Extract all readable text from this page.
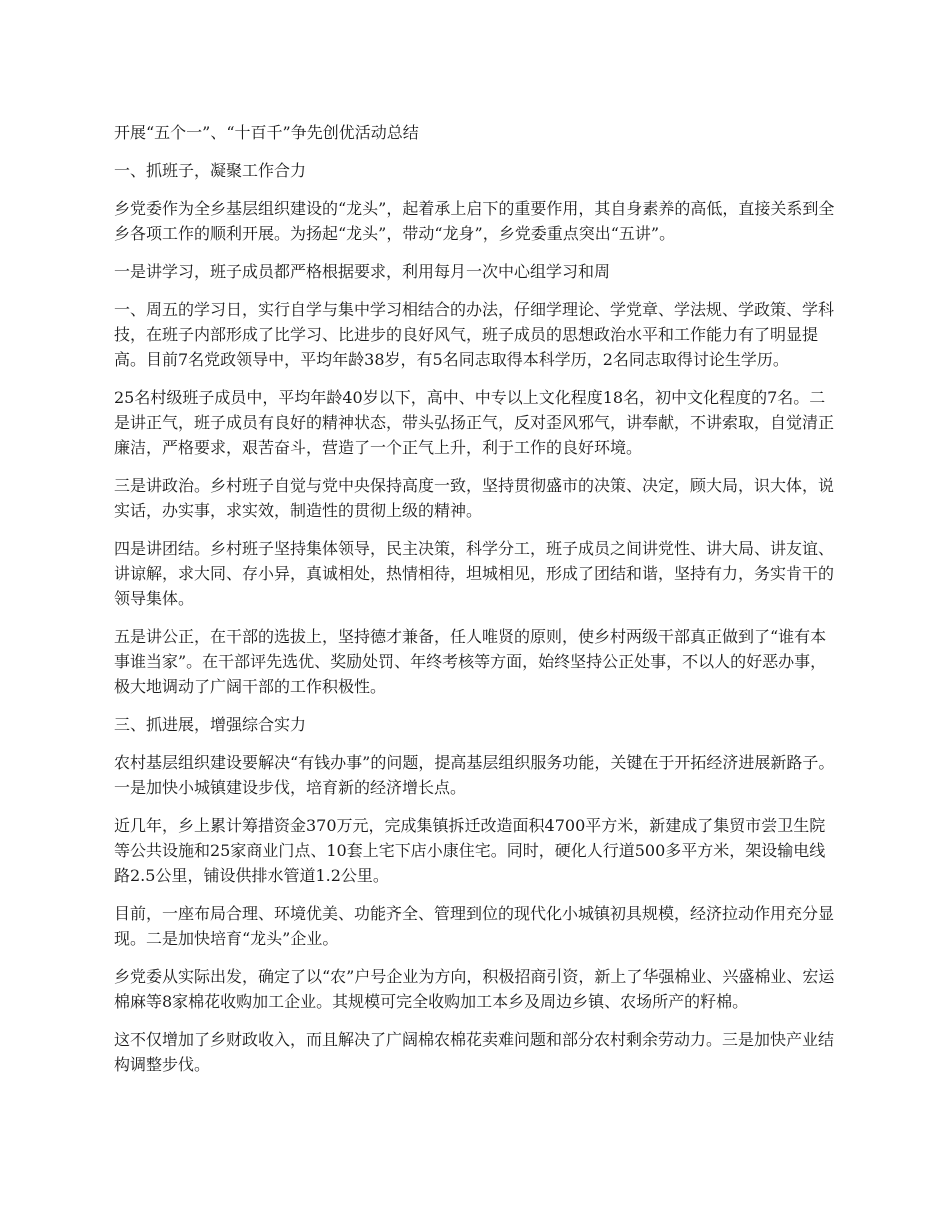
开展“五个一”、“十百千”争先创优活动总结

一、抓班子，凝聚工作合力

乡党委作为全乡基层组织建设的“龙头”，起着承上启下的重要作用，其自身素养的高低，直接关系到全乡各项工作的顺利开展。为扬起“龙头”，带动“龙身”，乡党委重点突出“五讲”。

一是讲学习，班子成员都严格根据要求，利用每月一次中心组学习和周

一、周五的学习日，实行自学与集中学习相结合的办法，仔细学理论、学党章、学法规、学政策、学科技，在班子内部形成了比学习、比进步的良好风气，班子成员的思想政治水平和工作能力有了明显提高。目前7名党政领导中，平均年龄38岁，有5名同志取得本科学历，2名同志取得讨论生学历。

25名村级班子成员中，平均年龄40岁以下，高中、中专以上文化程度18名，初中文化程度的7名。二是讲正气，班子成员有良好的精神状态，带头弘扬正气，反对歪风邪气，讲奉献，不讲索取，自觉清正廉洁，严格要求，艰苦奋斗，营造了一个正气上升，利于工作的良好环境。

三是讲政治。乡村班子自觉与党中央保持高度一致，坚持贯彻盛市的决策、决定，顾大局，识大体，说实话，办实事，求实效，制造性的贯彻上级的精神。

四是讲团结。乡村班子坚持集体领导，民主决策，科学分工，班子成员之间讲党性、讲大局、讲友谊、讲谅解，求大同、存小异，真诚相处，热情相待，坦城相见，形成了团结和谐，坚持有力，务实肯干的领导集体。

五是讲公正，在干部的选拔上，坚持德才兼备，任人唯贤的原则，使乡村两级干部真正做到了“谁有本事谁当家”。在干部评先选优、奖励处罚、年终考核等方面，始终坚持公正处事，不以人的好恶办事，极大地调动了广阔干部的工作积极性。

三、抓进展，增强综合实力

农村基层组织建设要解决“有钱办事”的问题，提高基层组织服务功能，关键在于开拓经济进展新路子。一是加快小城镇建设步伐，培育新的经济增长点。

近几年，乡上累计筹措资金370万元，完成集镇拆迁改造面积4700平方米，新建成了集贸市尝卫生院等公共设施和25家商业门点、10套上宅下店小康住宅。同时，硬化人行道500多平方米，架设输电线路2.5公里，铺设供排水管道1.2公里。

目前，一座布局合理、环境优美、功能齐全、管理到位的现代化小城镇初具规模，经济拉动作用充分显现。二是加快培育“龙头”企业。

乡党委从实际出发，确定了以“农”户号企业为方向，积极招商引资，新上了华强棉业、兴盛棉业、宏运棉麻等8家棉花收购加工企业。其规模可完全收购加工本乡及周边乡镇、农场所产的籽棉。

这不仅增加了乡财政收入，而且解决了广阔棉农棉花卖难问题和部分农村剩余劳动力。三是加快产业结构调整步伐。
